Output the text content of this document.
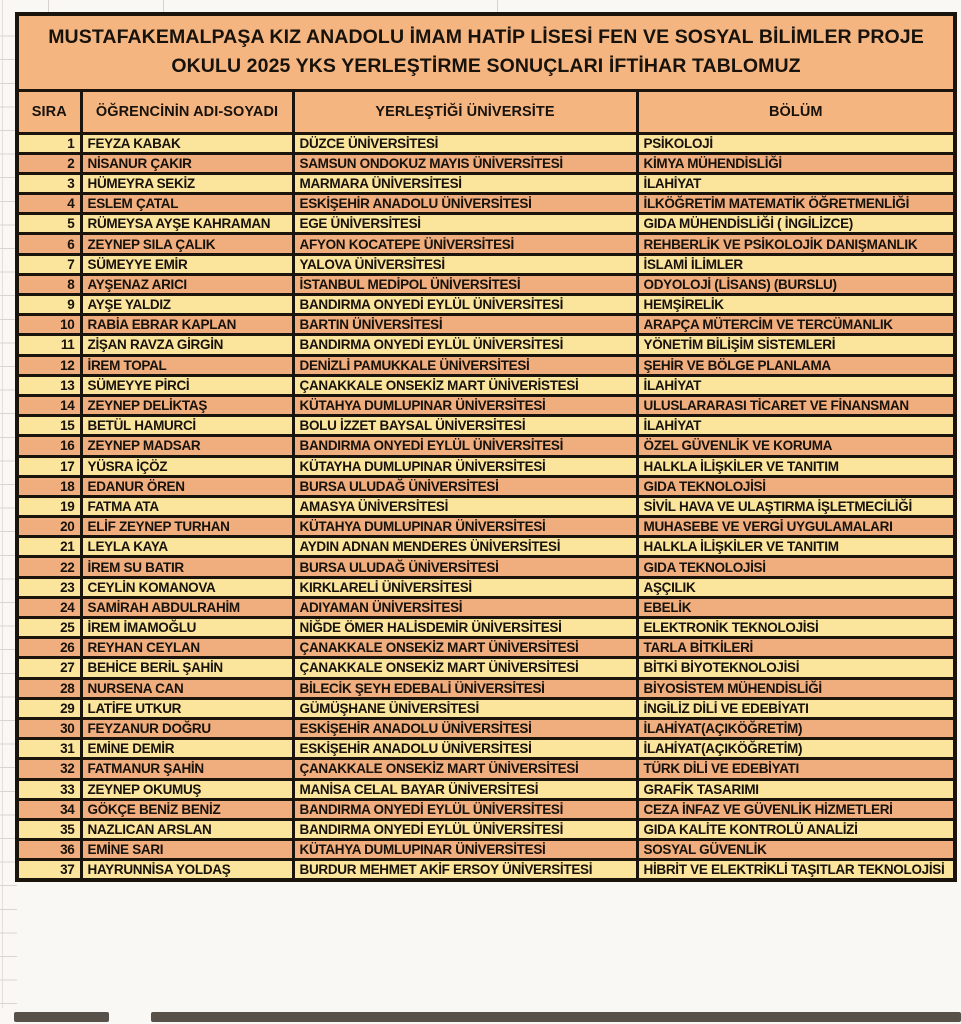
MUSTAFAKEMALPAŞA KIZ ANADOLU İMAM HATİP LİSESİ FEN VE SOSYAL BİLİMLER PROJE OKULU 2025 YKS YERLEŞTİRME SONUÇLARI İFTİHAR TABLOMUZ			
SIRA	ÖĞRENCİNİN ADI-SOYADI	YERLEŞTİĞİ ÜNİVERSİTE	BÖLÜM
1	FEYZA KABAK	DÜZCE ÜNİVERSİTESİ	PSİKOLOJİ
2	NİSANUR ÇAKIR	SAMSUN ONDOKUZ MAYIS ÜNİVERSİTESİ	KİMYA MÜHENDİSLİĞİ
3	HÜMEYRA SEKİZ	MARMARA ÜNİVERSİTESİ	İLAHİYAT
4	ESLEM ÇATAL	ESKİŞEHİR ANADOLU ÜNİVERSİTESİ	İLKÖĞRETİM MATEMATİK ÖĞRETMENLİĞİ
5	RÜMEYSA AYŞE KAHRAMAN	EGE ÜNİVERSİTESİ	GIDA MÜHENDİSLİĞİ ( İNGİLİZCE)
6	ZEYNEP SILA ÇALIK	AFYON KOCATEPE ÜNİVERSİTESİ	REHBERLİK VE PSİKOLOJİK DANIŞMANLIK
7	SÜMEYYE EMİR	YALOVA ÜNİVERSİTESİ	İSLAMİ İLİMLER
8	AYŞENAZ ARICI	İSTANBUL MEDİPOL ÜNİVERSİTESİ	ODYOLOJİ (LİSANS) (BURSLU)
9	AYŞE YALDIZ	BANDIRMA ONYEDİ EYLÜL ÜNİVERSİTESİ	HEMŞİRELİK
10	RABİA EBRAR KAPLAN	BARTIN ÜNİVERSİTESİ	ARAPÇA MÜTERCİM VE TERCÜMANLIK
11	ZİŞAN RAVZA GİRGİN	BANDIRMA ONYEDİ EYLÜL ÜNİVERSİTESİ	YÖNETİM BİLİŞİM SİSTEMLERİ
12	İREM TOPAL	DENİZLİ PAMUKKALE ÜNİVERSİTESİ	ŞEHİR VE BÖLGE PLANLAMA
13	SÜMEYYE PİRCİ	ÇANAKKALE ONSEKİZ MART ÜNİVERİSTESİ	İLAHİYAT
14	ZEYNEP DELİKTAŞ	KÜTAHYA DUMLUPINAR ÜNİVERSİTESİ	ULUSLARARASI TİCARET VE FİNANSMAN
15	BETÜL HAMURCİ	BOLU İZZET BAYSAL ÜNİVERSİTESİ	İLAHİYAT
16	ZEYNEP MADSAR	BANDIRMA ONYEDİ EYLÜL ÜNİVERSİTESİ	ÖZEL GÜVENLİK VE KORUMA
17	YÜSRA İÇÖZ	KÜTAYHA DUMLUPINAR ÜNİVERSİTESİ	HALKLA İLİŞKİLER VE TANITIM
18	EDANUR ÖREN	BURSA ULUDAĞ ÜNİVERSİTESİ	GIDA TEKNOLOJİSİ
19	FATMA ATA	AMASYA ÜNİVERSİTESİ	SİVİL HAVA VE ULAŞTIRMA İŞLETMECİLİĞİ
20	ELİF ZEYNEP TURHAN	KÜTAHYA DUMLUPINAR ÜNİVERSİTESİ	MUHASEBE VE VERGİ UYGULAMALARI
21	LEYLA KAYA	AYDIN ADNAN MENDERES ÜNİVERSİTESİ	HALKLA İLİŞKİLER VE TANITIM
22	İREM SU BATIR	BURSA ULUDAĞ ÜNİVERSİTESİ	GIDA TEKNOLOJİSİ
23	CEYLİN KOMANOVA	KIRKLARELİ ÜNİVERSİTESİ	AŞÇILIK
24	SAMİRAH ABDULRAHİM	ADIYAMAN ÜNİVERSİTESİ	EBELİK
25	İREM İMAMOĞLU	NİĞDE ÖMER HALİSDEMİR ÜNİVERSİTESİ	ELEKTRONİK TEKNOLOJİSİ
26	REYHAN CEYLAN	ÇANAKKALE ONSEKİZ MART ÜNİVERSİTESİ	TARLA BİTKİLERİ
27	BEHİCE BERİL ŞAHİN	ÇANAKKALE ONSEKİZ MART ÜNİVERSİTESİ	BİTKİ BİYOTEKNOLOJİSİ
28	NURSENA CAN	BİLECİK ŞEYH EDEBALİ ÜNİVERSİTESİ	BİYOSİSTEM MÜHENDİSLİĞİ
29	LATİFE UTKUR	GÜMÜŞHANE ÜNİVERSİTESİ	İNGİLİZ DİLİ VE EDEBİYATI
30	FEYZANUR DOĞRU	ESKİŞEHİR ANADOLU ÜNİVERSİTESİ	İLAHİYAT(AÇIKÖĞRETİM)
31	EMİNE DEMİR	ESKİŞEHİR ANADOLU ÜNİVERSİTESİ	İLAHİYAT(AÇIKÖĞRETİM)
32	FATMANUR ŞAHİN	ÇANAKKALE ONSEKİZ MART ÜNİVERSİTESİ	TÜRK DİLİ VE EDEBİYATI
33	ZEYNEP OKUMUŞ	MANİSA CELAL BAYAR ÜNİVERSİTESİ	GRAFİK TASARIMI
34	GÖKÇE BENİZ BENİZ	BANDIRMA ONYEDİ EYLÜL ÜNİVERSİTESİ	CEZA İNFAZ VE GÜVENLİK HİZMETLERİ
35	NAZLICAN ARSLAN	BANDIRMA ONYEDİ EYLÜL ÜNİVERSİTESİ	GIDA KALİTE KONTROLÜ ANALİZİ
36	EMİNE SARI	KÜTAHYA DUMLUPINAR ÜNİVERSİTESİ	SOSYAL GÜVENLİK
37	HAYRUNNİSA YOLDAŞ	BURDUR MEHMET AKİF ERSOY ÜNİVERSİTESİ	HİBRİT VE ELEKTRİKLİ TAŞITLAR TEKNOLOJİSİ
